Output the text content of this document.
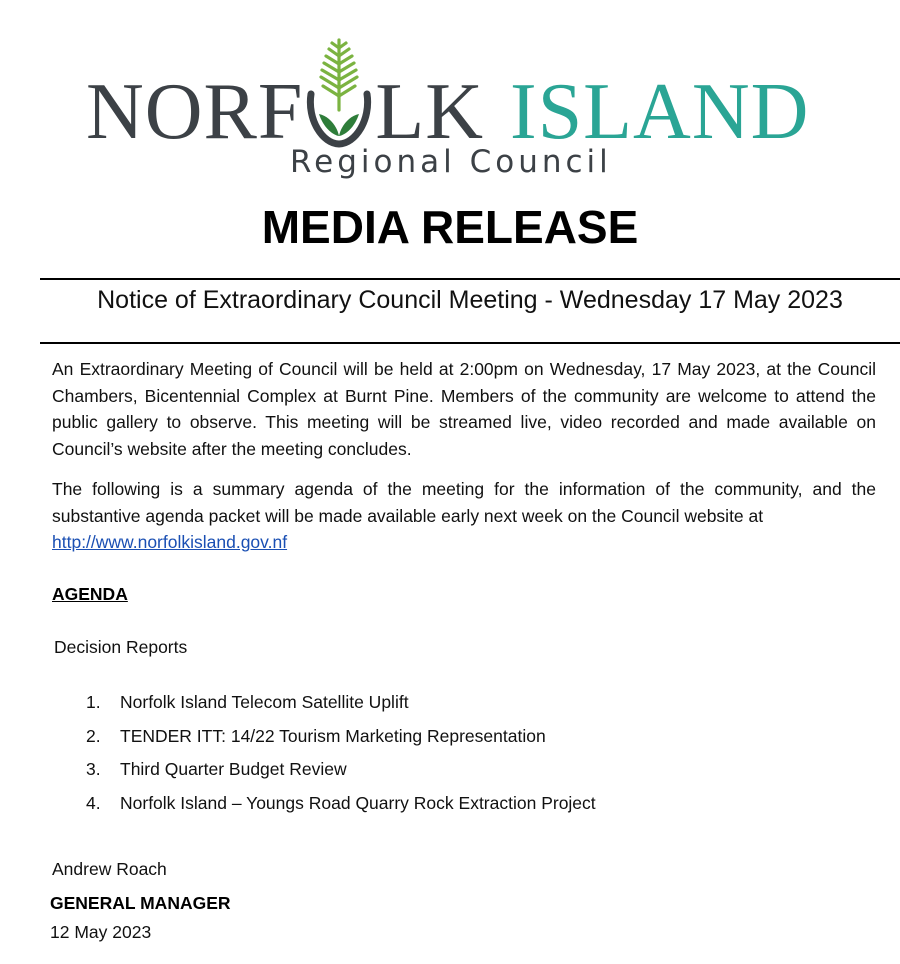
NORF LK ISLAND
Regional Council
MEDIA RELEASE
Notice of Extraordinary Council Meeting - Wednesday 17 May 2023
An Extraordinary Meeting of Council will be held at 2:00pm on Wednesday, 17 May 2023, at the Council Chambers, Bicentennial Complex at Burnt Pine. Members of the community are welcome to attend the public gallery to observe. This meeting will be streamed live, video recorded and made available on Council’s website after the meeting concludes.
The following is a summary agenda of the meeting for the information of the community, and the substantive agenda packet will be made available early next week on the Council website at
http://www.norfolkisland.gov.nf
AGENDA
Decision Reports
1. Norfolk Island Telecom Satellite Uplift
2. TENDER ITT: 14/22 Tourism Marketing Representation
3. Third Quarter Budget Review
4. Norfolk Island – Youngs Road Quarry Rock Extraction Project
Andrew Roach
GENERAL MANAGER
12 May 2023
